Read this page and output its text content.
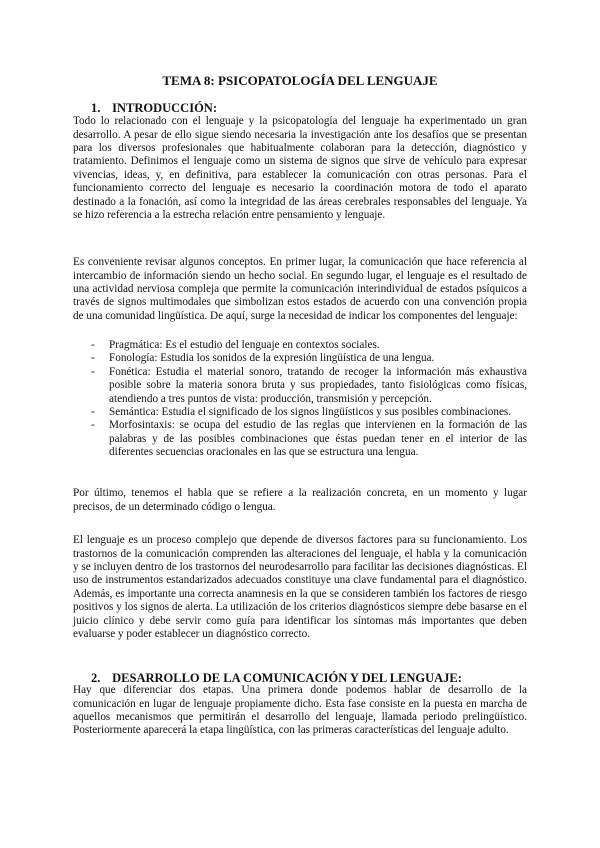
TEMA 8: PSICOPATOLOGÍA DEL LENGUAJE
1. INTRODUCCIÓN:

Todo lo relacionado con el lenguaje y la psicopatología del lenguaje ha experimentado un gran desarrollo. A pesar de ello sigue siendo necesaria la investigación ante los desafíos que se presentan para los diversos profesionales que habitualmente colaboran para la detección, diagnóstico y tratamiento. Definimos el lenguaje como un sistema de signos que sirve de vehículo para expresar vivencias, ideas, y, en definitiva, para establecer la comunicación con otras personas. Para el funcionamiento correcto del lenguaje es necesario la coordinación motora de todo el aparato destinado a la fonación, así como la integridad de las áreas cerebrales responsables del lenguaje. Ya se hizo referencia a la estrecha relación entre pensamiento y lenguaje.

Es conveniente revisar algunos conceptos. En primer lugar, la comunicación que hace referencia al intercambio de información siendo un hecho social. En segundo lugar, el lenguaje es el resultado de una actividad nerviosa compleja que permite la comunicación interindividual de estados psíquicos a través de signos multimodales que simbolizan estos estados de acuerdo con una convención propia de una comunidad lingüística. De aquí, surge la necesidad de indicar los componentes del lenguaje:

- Pragmática: Es el estudio del lenguaje en contextos sociales.
- Fonología: Estudia los sonidos de la expresión lingüística de una lengua.
- Fonética: Estudia el material sonoro, tratando de recoger la información más exhaustiva posible sobre la materia sonora bruta y sus propiedades, tanto fisiológicas como físicas, atendiendo a tres puntos de vista: producción, transmisión y percepción.
- Semántica: Estudia el significado de los signos lingüísticos y sus posibles combinaciones.
- Morfosintaxis: se ocupa del estudio de las reglas que intervienen en la formación de las palabras y de las posibles combinaciones que éstas puedan tener en el interior de las diferentes secuencias oracionales en las que se estructura una lengua.

Por último, tenemos el habla que se refiere a la realización concreta, en un momento y lugar precisos, de un determinado código o lengua.

El lenguaje es un proceso complejo que depende de diversos factores para su funcionamiento. Los trastornos de la comunicación comprenden las alteraciones del lenguaje, el habla y la comunicación y se incluyen dentro de los trastornos del neurodesarrollo para facilitar las decisiones diagnósticas. El uso de instrumentos estandarizados adecuados constituye una clave fundamental para el diagnóstico. Además, es importante una correcta anamnesis en la que se consideren también los factores de riesgo positivos y los signos de alerta. La utilización de los criterios diagnósticos siempre debe basarse en el juicio clínico y debe servir como guía para identificar los síntomas más importantes que deben evaluarse y poder establecer un diagnóstico correcto.

2. DESARROLLO DE LA COMUNICACIÓN Y DEL LENGUAJE:

Hay que diferenciar dos etapas. Una primera donde podemos hablar de desarrollo de la comunicación en lugar de lenguaje propiamente dicho. Esta fase consiste en la puesta en marcha de aquellos mecanismos que permitirán el desarrollo del lenguaje, llamada periodo prelingüístico. Posteriormente aparecerá la etapa lingüística, con las primeras características del lenguaje adulto.
